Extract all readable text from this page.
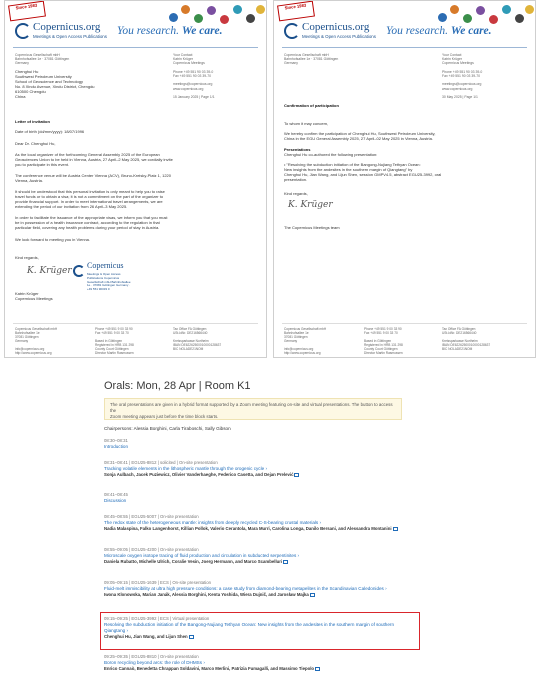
Since 1983
Copernicus.org
Meetings & Open Access Publications You research. We care.
Copernicus Gesellschaft mbH
Bahnhofsallee 1e · 37081 Göttingen
Germany
Your Contact
Katrin Krüger
Copernicus Meetings

Phone +49 551 90 03 39-0
Fax +49 551 90 03 39-70

meetings@copernicus.org
www.copernicus.org

15 January 2025 | Page 1/1
Chenghui Hu
Southwest Petroleum University
School of Geoscience and Technology
No. 8 Xindu Avenue, Xindu District, Chengdu
610500 Chengdu
China
Letter of invitation
Date of birth (dd/mm/yyyy): 18/07/1996
Dear Dr. Chenghui Hu,
As the local organizer of the forthcoming General Assembly 2025 of the European
Geosciences Union to be held in Vienna, Austria, 27 April–2 May 2025, we cordially invite
you to participate in this event.
The conference venue will be Austria Center Vienna (ACV), Bruno-Kreisky-Platz 1, 1220
Vienna, Austria.
It should be understood that this personal invitation is only meant to help you to raise
travel funds or to obtain a visa; it is not a commitment on the part of the organizer to
provide financial support. In order to meet international travel arrangements, we are
extending the period of our invitation from 26 April–3 May 2025.
In order to facilitate the issuance of the appropriate visas, we inform you that you must
be in possession of a health insurance contract, according to the regulation in that
particular field, covering any health problems during your period of stay in Austria.
We look forward to meeting you in Vienna.
Kind regards,
K. Krüger
Copernicus
Meetings & Open Access Publications Copernicus Gesellschaft mbH Bahnhofsallee 1e · 37081 Göttingen Germany · +49 551 90033 0
Katrin Krüger
Copernicus Meetings
Copernicus Gesellschaft mbH
Bahnhofsallee 1e
37081 Göttingen
Germany

info@copernicus.org
http://www.copernicus.org
Phone +49 551 9 00 33 90
Fax +49 551 9 00 33 70

Based in Göttingen
Registered in HRB 131 298
County Court Göttingen
Director Martin Rasmussen
Tax Office FA Göttingen
USt-IdNr. DE216566440

Kreissparkasse Northeim
IBAN DE62262500010000128637
BIC NOLADE21NOM
Since 1983
Copernicus.org
Meetings & Open Access Publications You research. We care.
Copernicus Gesellschaft mbH
Bahnhofsallee 1e · 37081 Göttingen
Germany
Your Contact
Katrin Krüger
Copernicus Meetings

Phone +49 551 90 03 39-0
Fax +49 551 90 03 39-70

meetings@copernicus.org
www.copernicus.org

30 May 2025 | Page 1/1
Confirmation of participation
To whom it may concern,
We hereby confirm the participation of Chenghui Hu, Southwest Petroleum University,
China in the EGU General Assembly 2025, 27 April–02 May 2025 in Vienna, Austria.
Presentations
Chenghui Hu co-authored the following presentation:
• "Resolving the subduction initiation of the Bangong-Nujiang Tethyan Ocean:
New insights from the andesites in the southern margin of Qiangtang" by
Chenghui Hu, Jian Wang, and Lijun Shen, session GMPV4.5, abstract EGU25-3992, oral
presentation.
Kind regards,
K. Krüger
The Copernicus Meetings team
Copernicus Gesellschaft mbH
Bahnhofsallee 1e
37081 Göttingen
Germany

info@copernicus.org
http://www.copernicus.org
Phone +49 551 9 00 33 90
Fax +49 551 9 00 33 70

Based in Göttingen
Registered in HRB 131 298
County Court Göttingen
Director Martin Rasmussen
Tax Office FA Göttingen
USt-IdNr. DE216566440

Kreissparkasse Northeim
IBAN DE62262500010000128637
BIC NOLADE21NOM
Orals: Mon, 28 Apr | Room K1
The oral presentations are given in a hybrid format supported by a Zoom meeting featuring on-site and virtual presentations. The button to access the
Zoom meeting appears just before the time block starts.
Chairpersons: Alessia Borghini, Carla Tiraboschi, Sally Gibson
08:30–08:31
Introduction
08:31–08:41 | EGU25-8812 | solicited | On-site presentation
Tracking volatile elements in the lithospheric mantle through the orogenic cycle ›
Sonja Aulbach, Jacek Puziewicz, Olivier Vanderhaeghe, Federico Casetta, and Dejan Prelević
08:41–08:45
Discussion
08:45–08:55 | EGU25-5007 | On-site presentation
The redox state of the heterogeneous mantle: insights from deeply recycled C-S-bearing crustal materials ›
Nadia Malaspina, Falko Langenhorst, Killian Pollok, Valerio Cerantola, Mara Murri, Carolina Longa, Danilo Bersani, and Alessandra Montanini
08:55–09:05 | EGU25-4200 | On-site presentation
Microscale oxygen isotope tracing of fluid production and circulation in subducted serpentinites ›
Daniela Rubatto, Michelle Ulrich, Coralie Vesin, Joerg Hermann, and Marco Scambelluri
09:05–09:15 | EGU25-1639 | ECS | On-site presentation
Fluid-melt immiscibility at ultra high pressure conditions: a case study from diamond-bearing metapelites in the Scandinavian Caledonides ›
Iwona Klonowska, Marian Janák, Alessia Borghini, Kenta Yoshida, Wiera Dujnič, and Jarosław Majka
09:15–09:25 | EGU25-3992 | ECS | Virtual presentation
Resolving the subduction initiation of the Bangong-Nujiang Tethyan Ocean: New insights from the andesites in the southern margin of southern
Qiangtang ›
Chenghui Hu, Jian Wang, and Lijun Shen
09:25–09:35 | EGU25-8810 | On-site presentation
Boron recycling beyond arcs: the role of DHMSs ›
Enrico Cannaò, Benedetta Chrappan Soldavini, Marco Merlini, Patrizia Fumagalli, and Massimo Tiepolo
